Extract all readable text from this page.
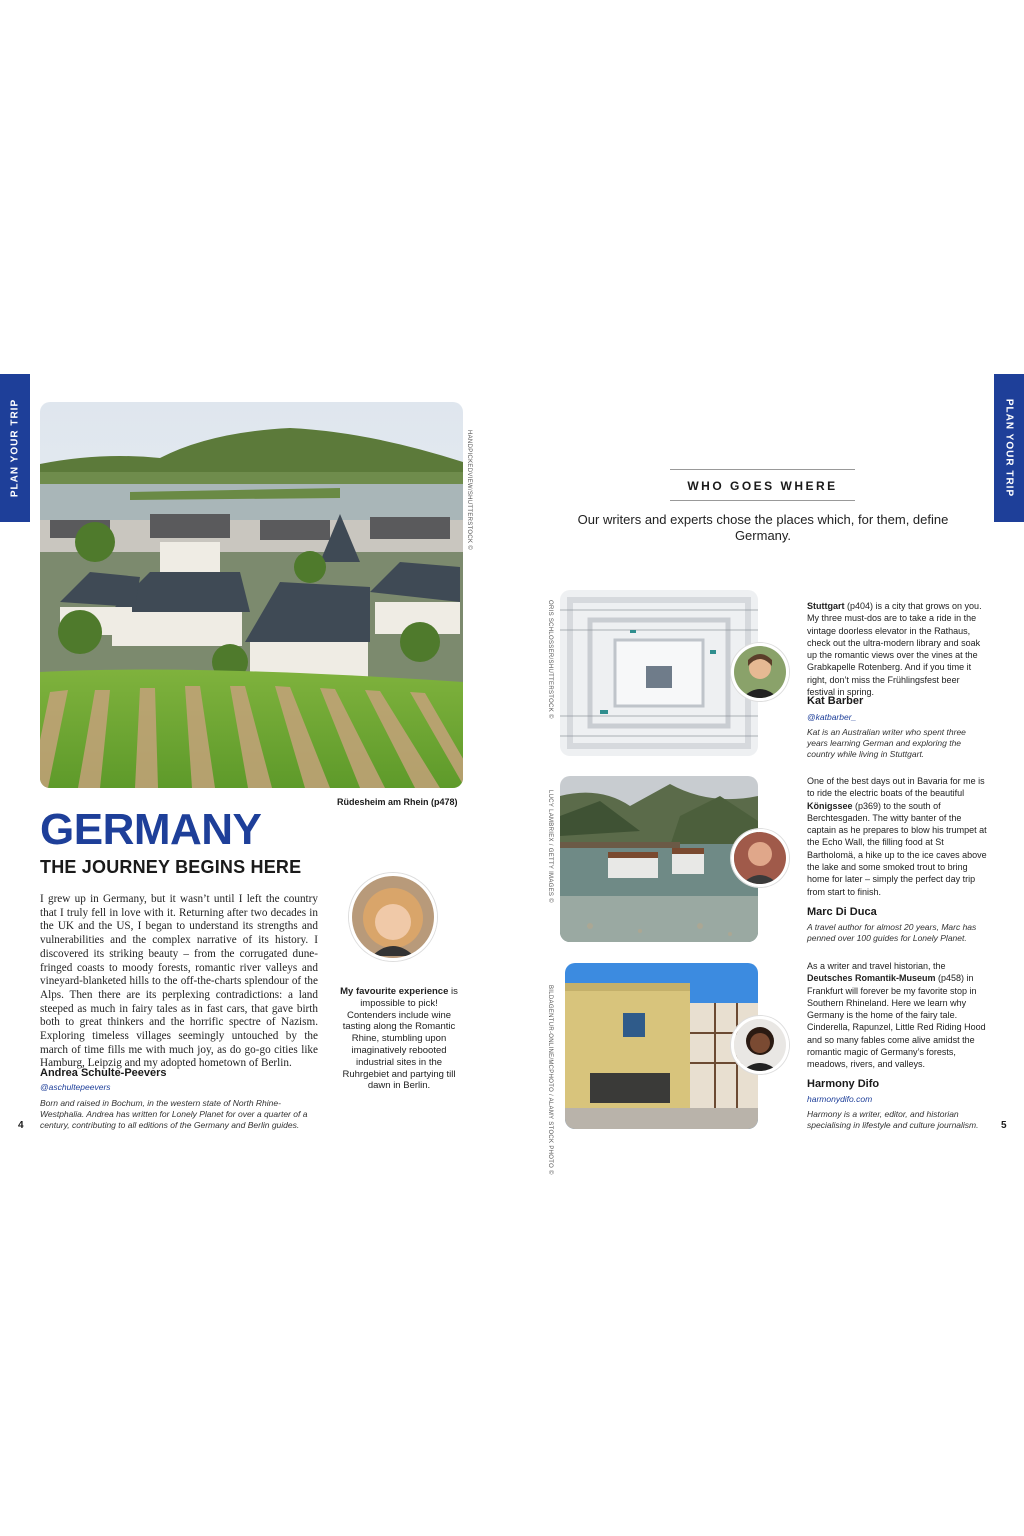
PLAN YOUR TRIP	PLAN YOUR TRIP
HANDPICKEDVIEW/SHUTTERSTOCK ©
Rüdesheim am Rhein (p478)
GERMANY
THE JOURNEY BEGINS HERE
I grew up in Germany, but it wasn’t until I left the country that I truly fell in love with it. Returning after two decades in the UK and the US, I began to understand its strengths and vulnerabilities and the complex narrative of its history. I discovered its striking beauty – from the corrugated dune-fringed coasts to moody forests, romantic river valleys and vineyard-blanketed hills to the off-the-charts splendour of the Alps. Then there are its perplexing contradictions: a land steeped as much in fairy tales as in fast cars, that gave birth both to great thinkers and the horrific spectre of Nazism. Exploring timeless villages seemingly untouched by the march of time fills me with much joy, as do go-go cities like Hamburg, Leipzig and my adopted hometown of Berlin.
Andrea Schulte-Peevers
@aschultepeevers
Born and raised in Bochum, in the western state of North Rhine-Westphalia. Andrea has written for Lonely Planet for over a quarter of a century, contributing to all editions of the Germany and Berlin guides.
My favourite experience is impossible to pick! Contenders include wine tasting along the Romantic Rhine, stumbling upon imaginatively rebooted industrial sites in the Ruhrgebiet and partying till dawn in Berlin.
4	5
WHO GOES WHERE
Our writers and experts chose the places which, for them, define Germany.
ORIS SCHLOSSER/SHUTTERSTOCK ©	Stuttgart (p404) is a city that grows on you. My three must-dos are to take a ride in the vintage doorless elevator in the Rathaus, check out the ultra-modern library and soak up the romantic views over the vines at the Grabkapelle Rotenberg. And if you time it right, don’t miss the Frühlingsfest beer festival in spring.
Kat Barber
@katbarber_
Kat is an Australian writer who spent three years learning German and exploring the country while living in Stuttgart.
LUCY LAMBRIEX / GETTY IMAGES ©
One of the best days out in Bavaria for me is to ride the electric boats of the beautiful Königssee (p369) to the south of Berchtesgaden. The witty banter of the captain as he prepares to blow his trumpet at the Echo Wall, the filling food at St Bartholomä, a hike up to the ice caves above the lake and some smoked trout to bring home for later – simply the perfect day trip from start to finish.
Marc Di Duca
A travel author for almost 20 years, Marc has penned over 100 guides for Lonely Planet.
BILDAGENTUR-ONLINE/MCPHOTO / ALAMY STOCK PHOTO ©
As a writer and travel historian, the Deutsches Romantik-Museum (p458) in Frankfurt will forever be my favorite stop in Southern Rhineland. Here we learn why Germany is the home of the fairy tale. Cinderella, Rapunzel, Little Red Riding Hood and so many fables come alive amidst the romantic magic of Germany’s forests, meadows, rivers, and valleys.
Harmony Difo
harmonydifo.com
Harmony is a writer, editor, and historian specialising in lifestyle and culture journalism.
